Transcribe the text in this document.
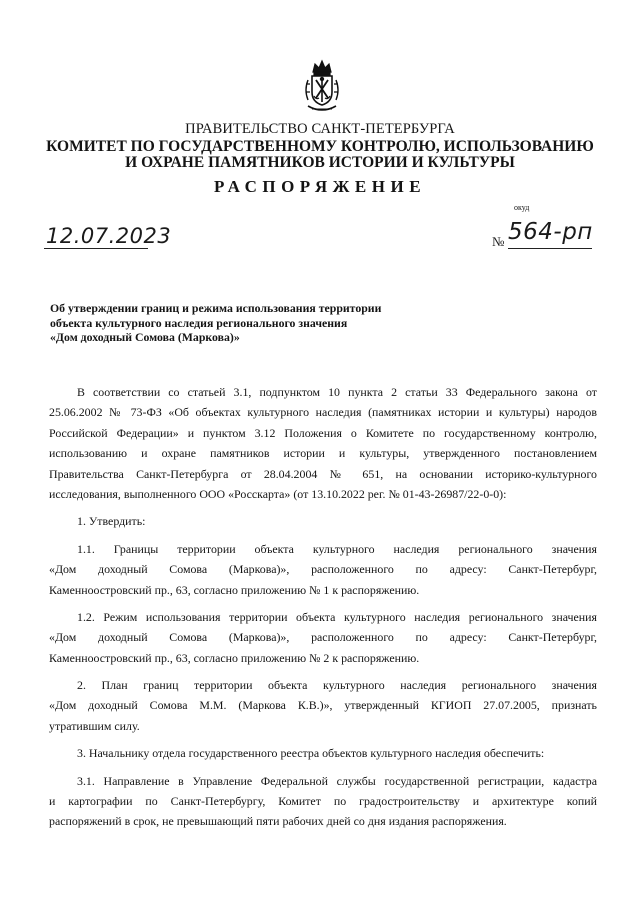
ПРАВИТЕЛЬСТВО САНКТ-ПЕТЕРБУРГА
КОМИТЕТ ПО ГОСУДАРСТВЕННОМУ КОНТРОЛЮ, ИСПОЛЬЗОВАНИЮ
И ОХРАНЕ ПАМЯТНИКОВ ИСТОРИИ И КУЛЬТУРЫ
РАСПОРЯЖЕНИЕ
окуд
12.07.2023	№ 564-рп
Об утверждении границ и режима использования территории
объекта культурного наследия регионального значения
«Дом доходный Сомова (Маркова)»
В соответствии со статьей 3.1, подпунктом 10 пункта 2 статьи 33 Федерального закона от
25.06.2002 № 73-ФЗ «Об объектах культурного наследия (памятниках истории и культуры) народов
Российской Федерации» и пунктом 3.12 Положения о Комитете по государственному контролю,
использованию и охране памятников истории и культуры, утвержденного постановлением
Правительства Санкт-Петербурга от 28.04.2004 № 651, на основании историко-культурного
исследования, выполненного ООО «Росскарта» (от 13.10.2022 рег. № 01-43-26987/22-0-0):
1. Утвердить:
1.1. Границы территории объекта культурного наследия регионального значения
«Дом доходный Сомова (Маркова)», расположенного по адресу: Санкт-Петербург,
Каменноостровский пр., 63, согласно приложению № 1 к распоряжению.
1.2. Режим использования территории объекта культурного наследия регионального значения
«Дом доходный Сомова (Маркова)», расположенного по адресу: Санкт-Петербург,
Каменноостровский пр., 63, согласно приложению № 2 к распоряжению.
2. План границ территории объекта культурного наследия регионального значения
«Дом доходный Сомова М.М. (Маркова К.В.)», утвержденный КГИОП 27.07.2005, признать
утратившим силу.
3. Начальнику отдела государственного реестра объектов культурного наследия обеспечить:
3.1. Направление в Управление Федеральной службы государственной регистрации, кадастра
и картографии по Санкт-Петербургу, Комитет по градостроительству и архитектуре копий
распоряжений в срок, не превышающий пяти рабочих дней со дня издания распоряжения.
